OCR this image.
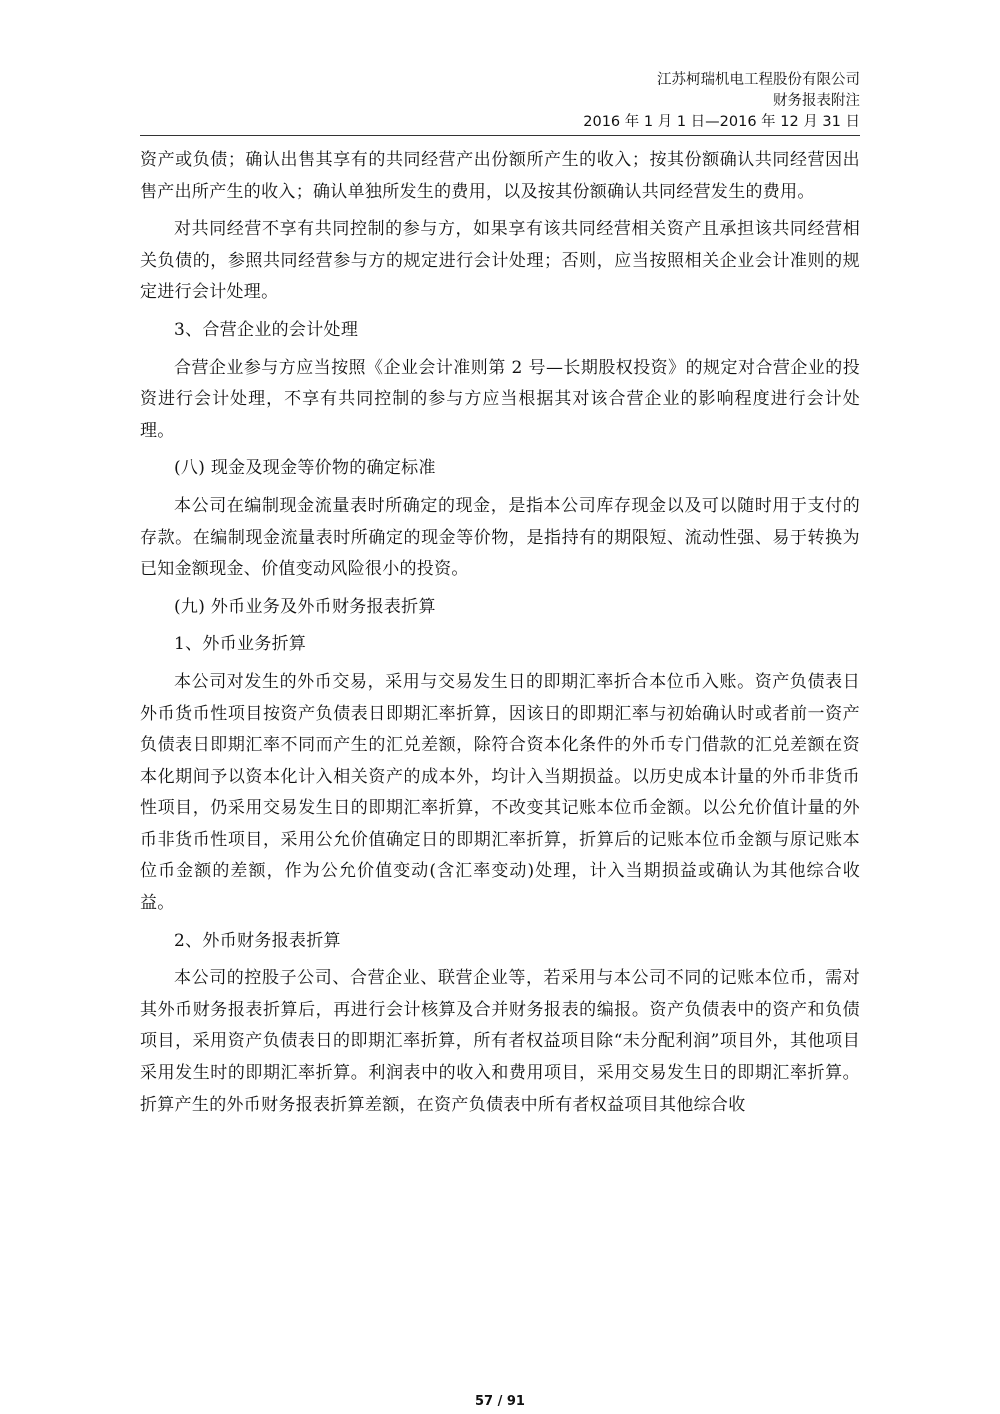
江苏柯瑞机电工程股份有限公司
财务报表附注
2016 年 1 月 1 日—2016 年 12 月 31 日

资产或负债；确认出售其享有的共同经营产出份额所产生的收入；按其份额确认共同经营因出售产出所产生的收入；确认单独所发生的费用，以及按其份额确认共同经营发生的费用。

对共同经营不享有共同控制的参与方，如果享有该共同经营相关资产且承担该共同经营相关负债的，参照共同经营参与方的规定进行会计处理；否则，应当按照相关企业会计准则的规定进行会计处理。

3、合营企业的会计处理

合营企业参与方应当按照《企业会计准则第 2 号—长期股权投资》的规定对合营企业的投资进行会计处理，不享有共同控制的参与方应当根据其对该合营企业的影响程度进行会计处理。

(八) 现金及现金等价物的确定标准

本公司在编制现金流量表时所确定的现金，是指本公司库存现金以及可以随时用于支付的存款。在编制现金流量表时所确定的现金等价物，是指持有的期限短、流动性强、易于转换为已知金额现金、价值变动风险很小的投资。

(九) 外币业务及外币财务报表折算

1、外币业务折算

本公司对发生的外币交易，采用与交易发生日的即期汇率折合本位币入账。资产负债表日外币货币性项目按资产负债表日即期汇率折算，因该日的即期汇率与初始确认时或者前一资产负债表日即期汇率不同而产生的汇兑差额，除符合资本化条件的外币专门借款的汇兑差额在资本化期间予以资本化计入相关资产的成本外，均计入当期损益。以历史成本计量的外币非货币性项目，仍采用交易发生日的即期汇率折算，不改变其记账本位币金额。以公允价值计量的外币非货币性项目，采用公允价值确定日的即期汇率折算，折算后的记账本位币金额与原记账本位币金额的差额，作为公允价值变动(含汇率变动)处理，计入当期损益或确认为其他综合收益。

2、外币财务报表折算

本公司的控股子公司、合营企业、联营企业等，若采用与本公司不同的记账本位币，需对其外币财务报表折算后，再进行会计核算及合并财务报表的编报。资产负债表中的资产和负债项目，采用资产负债表日的即期汇率折算，所有者权益项目除“未分配利润”项目外，其他项目采用发生时的即期汇率折算。利润表中的收入和费用项目，采用交易发生日的即期汇率折算。折算产生的外币财务报表折算差额，在资产负债表中所有者权益项目其他综合收

57 / 91
